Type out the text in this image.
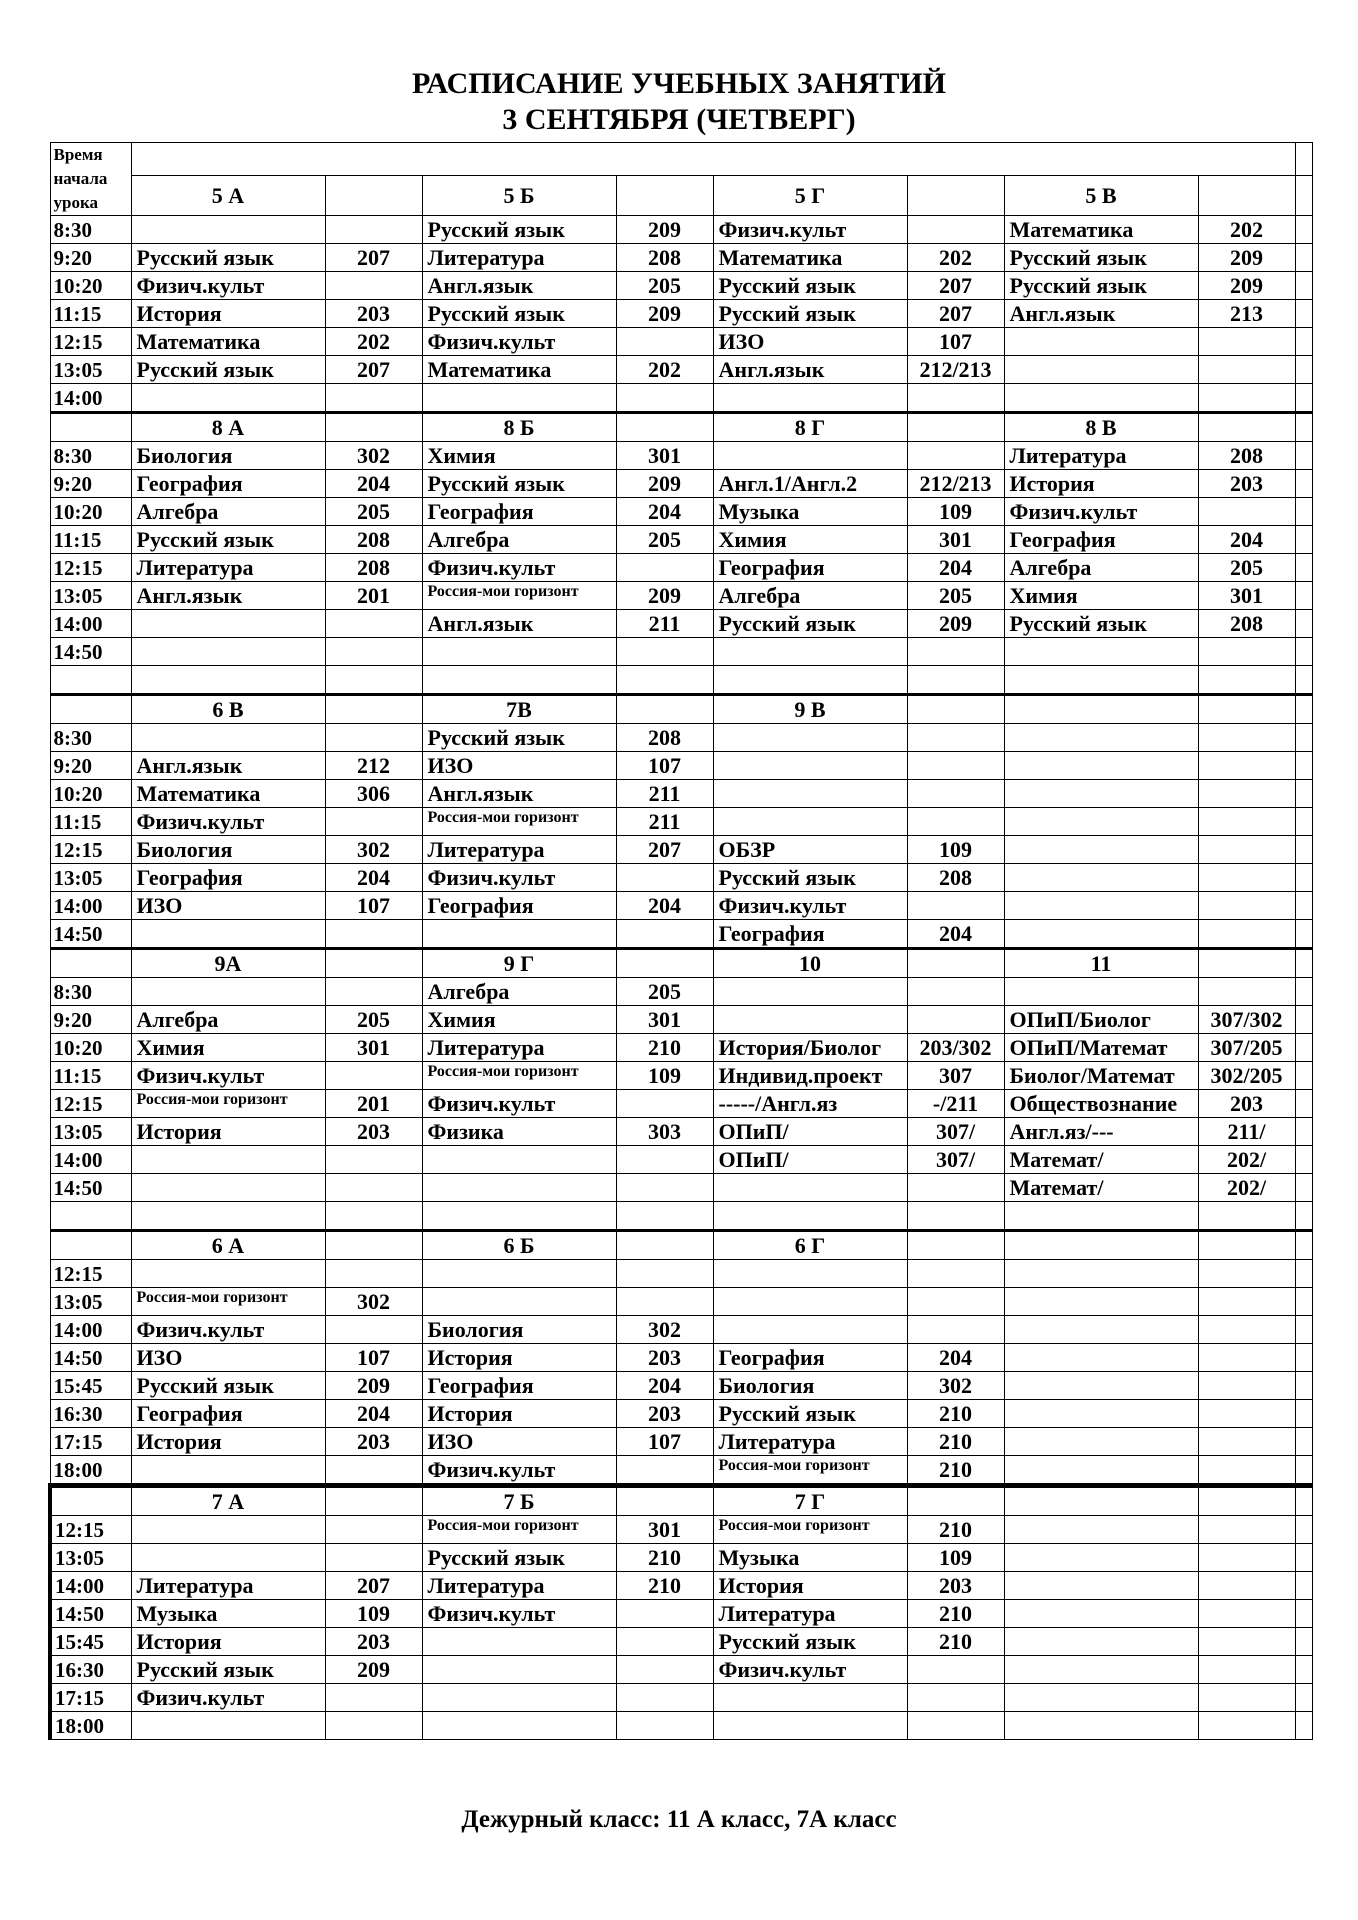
РАСПИСАНИЕ УЧЕБНЫХ ЗАНЯТИЙ
3 СЕНТЯБРЯ (ЧЕТВЕРГ)
Время
начала
урока									

	5 А		5 Б		5 Г		5 В		
8:30			Русский язык	209	Физич.культ		Математика	202	
9:20	Русский язык	207	Литература	208	Математика	202	Русский язык	209	
10:20	Физич.культ		Англ.язык	205	Русский язык	207	Русский язык	209	
11:15	История	203	Русский язык	209	Русский язык	207	Англ.язык	213	
12:15	Математика	202	Физич.культ		ИЗО	107			
13:05	Русский язык	207	Математика	202	Англ.язык	212/213			
14:00									
	8 А		8 Б		8 Г		8 В		
8:30	Биология	302	Химия	301			Литература	208	
9:20	География	204	Русский язык	209	Англ.1/Англ.2	212/213	История	203	
10:20	Алгебра	205	География	204	Музыка	109	Физич.культ		
11:15	Русский язык	208	Алгебра	205	Химия	301	География	204	
12:15	Литература	208	Физич.культ		География	204	Алгебра	205	
13:05	Англ.язык	201	Россия-мои горизонт	209	Алгебра	205	Химия	301	
14:00			Англ.язык	211	Русский язык	209	Русский язык	208	
14:50									

	6 В		7В		9 В				
8:30			Русский язык	208					
9:20	Англ.язык	212	ИЗО	107					
10:20	Математика	306	Англ.язык	211					
11:15	Физич.культ		Россия-мои горизонт	211					
12:15	Биология	302	Литература	207	ОБЗР	109			
13:05	География	204	Физич.культ		Русский язык	208			
14:00	ИЗО	107	География	204	Физич.культ				
14:50					География	204			
	9А		9 Г		10		11		
8:30			Алгебра	205					
9:20	Алгебра	205	Химия	301			ОПиП/Биолог	307/302	
10:20	Химия	301	Литература	210	История/Биолог	203/302	ОПиП/Математ	307/205	
11:15	Физич.культ		Россия-мои горизонт	109	Индивид.проект	307	Биолог/Математ	302/205	
12:15	Россия-мои горизонт	201	Физич.культ		-----/Англ.яз	-/211	Обществознание	203	
13:05	История	203	Физика	303	ОПиП/	307/	Англ.яз/---	211/	
14:00					ОПиП/	307/	Математ/	202/	
14:50							Математ/	202/	

	6 А		6 Б		6 Г				
12:15									
13:05	Россия-мои горизонт	302							
14:00	Физич.культ		Биология	302					
14:50	ИЗО	107	История	203	География	204			
15:45	Русский язык	209	География	204	Биология	302			
16:30	География	204	История	203	Русский язык	210			
17:15	История	203	ИЗО	107	Литература	210			
18:00			Физич.культ		Россия-мои горизонт	210			
	7 А		7 Б		7 Г				
12:15			Россия-мои горизонт	301	Россия-мои горизонт	210			
13:05			Русский язык	210	Музыка	109			
14:00	Литература	207	Литература	210	История	203			
14:50	Музыка	109	Физич.культ		Литература	210			
15:45	История	203			Русский язык	210			
16:30	Русский язык	209			Физич.культ				
17:15	Физич.культ								
18:00									
Дежурный класс: 11 А класс, 7А класс
